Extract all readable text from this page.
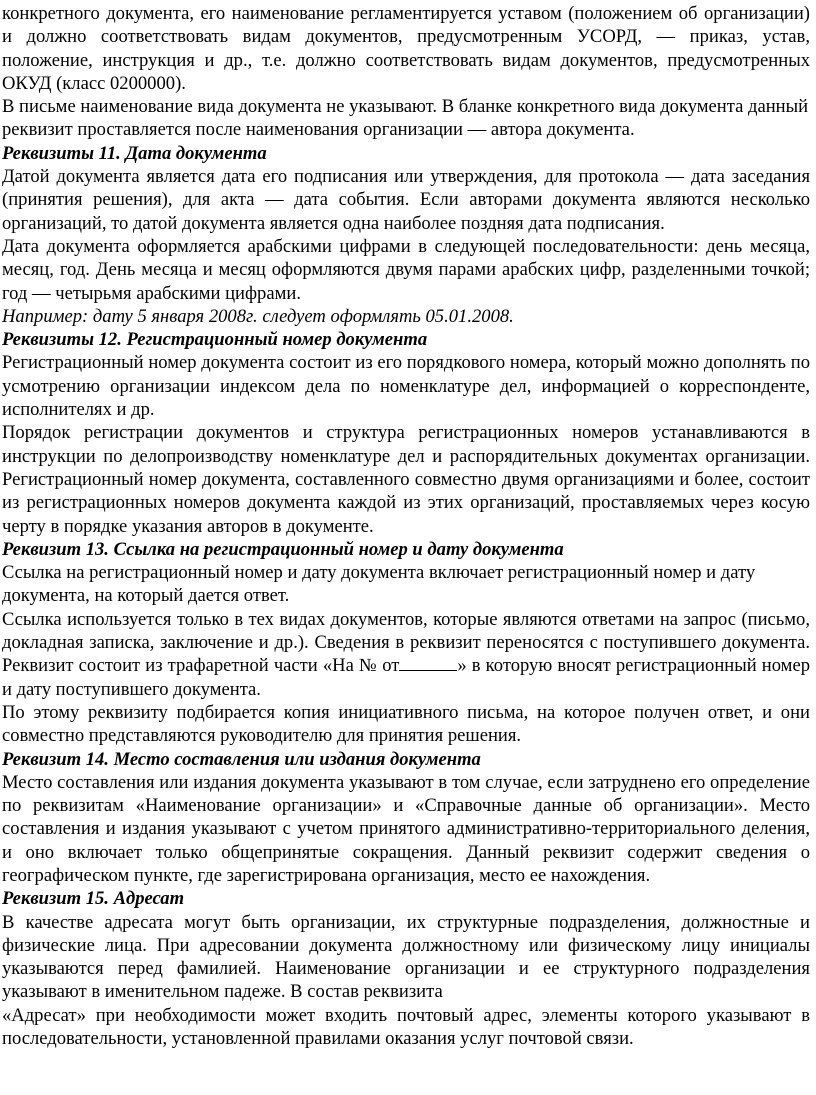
конкретного документа, его наименование регламентируется уставом (положением об организации) и должно соответствовать видам документов, предусмотренным УСОРД, — приказ, устав, положение, инструкция и др., т.е. должно соответствовать видам документов, предусмотренных ОКУД (класс 0200000).

В письме наименование вида документа не указывают. В бланке конкретного вида документа данный реквизит проставляется после наименования организации — автора документа.

Реквизиты 11. Дата документа

Датой документа является дата его подписания или утверждения, для протокола — дата заседания (принятия решения), для акта — дата события. Если авторами документа являются несколько организаций, то датой документа является одна наиболее поздняя дата подписания.

Дата документа оформляется арабскими цифрами в следующей последовательности: день месяца, месяц, год. День месяца и месяц оформляются двумя парами арабских цифр, разделенными точкой; год — четырьмя арабскими цифрами.

Например: дату 5 января 2008г. следует оформлять 05.01.2008.

Реквизиты 12. Регистрационный номер документа

Регистрационный номер документа состоит из его порядкового номера, который можно дополнять по усмотрению организации индексом дела по номенклатуре дел, информацией о корреспонденте, исполнителях и др.

Порядок регистрации документов и структура регистрационных номеров устанавливаются в инструкции по делопроизводству номенклатуре дел и распорядительных документах организации. Регистрационный номер документа, составленного совместно двумя организациями и более, состоит из регистрационных номеров документа каждой из этих организаций, проставляемых через косую черту в порядке указания авторов в документе.

Реквизит 13. Ссылка на регистрационный номер и дату документа

Ссылка на регистрационный номер и дату документа включает регистрационный номер и дату документа, на который дается ответ.

Ссылка используется только в тех видах документов, которые являются ответами на запрос (письмо, докладная записка, заключение и др.). Сведения в реквизит переносятся с поступившего документа. Реквизит состоит из трафаретной части «На № от	» в которую вносят регистрационный номер и дату поступившего документа.

По этому реквизиту подбирается копия инициативного письма, на которое получен ответ, и они совместно представляются руководителю для принятия решения.

Реквизит 14. Место составления или издания документа

Место составления или издания документа указывают в том случае, если затруднено его определение по реквизитам «Наименование организации» и «Справочные данные об организации». Место составления и издания указывают с учетом принятого административно-территориального деления, и оно включает только общепринятые сокращения. Данный реквизит содержит сведения о географическом пункте, где зарегистрирована организация, место ее нахождения.

Реквизит 15. Адресат

В качестве адресата могут быть организации, их структурные подразделения, должностные и физические лица. При адресовании документа должностному или физическому лицу инициалы указываются перед фамилией. Наименование организации и ее структурного подразделения указывают в именительном падеже. В состав реквизита

«Адресат» при необходимости может входить почтовый адрес, элементы которого указывают в последовательности, установленной правилами оказания услуг почтовой связи.
